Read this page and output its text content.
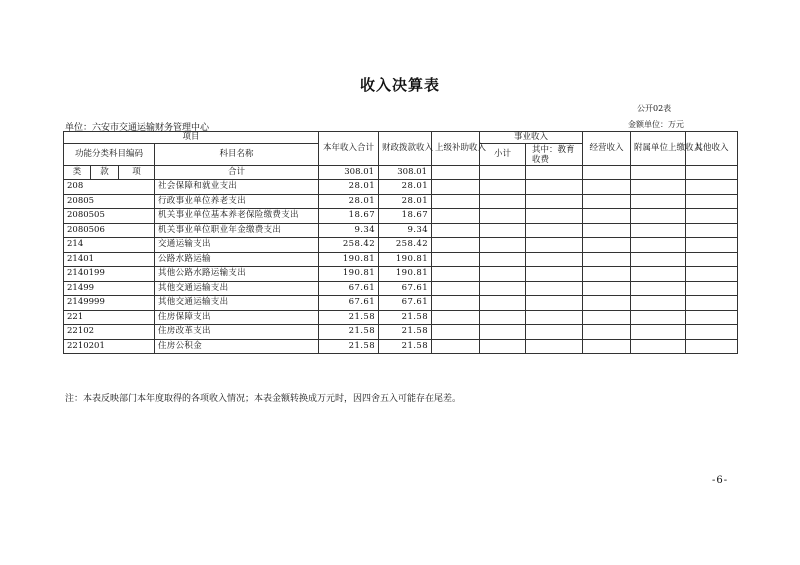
收入决算表
公开02表
金额单位：万元
单位：六安市交通运输财务管理中心
项目				本年收入合计	财政拨款收入	上级补助收入	事业收入		经营收入	附属单位上缴收入	其他收入
功能分类科目编码			科目名称								
							小计	其中：教育收费			
类	款	项	合计	308.01	308.01						
208			社会保障和就业支出	28.01	28.01						
20805			行政事业单位养老支出	28.01	28.01						
2080505			机关事业单位基本养老保险缴费支出	18.67	18.67						
2080506			机关事业单位职业年金缴费支出	9.34	9.34						
214			交通运输支出	258.42	258.42						
21401			公路水路运输	190.81	190.81						
2140199			其他公路水路运输支出	190.81	190.81						
21499			其他交通运输支出	67.61	67.61						
2149999			其他交通运输支出	67.61	67.61						
221			住房保障支出	21.58	21.58						
22102			住房改革支出	21.58	21.58						
2210201			住房公积金	21.58	21.58						
注：本表反映部门本年度取得的各项收入情况；本表金额转换成万元时，因四舍五入可能存在尾差。
-6-
